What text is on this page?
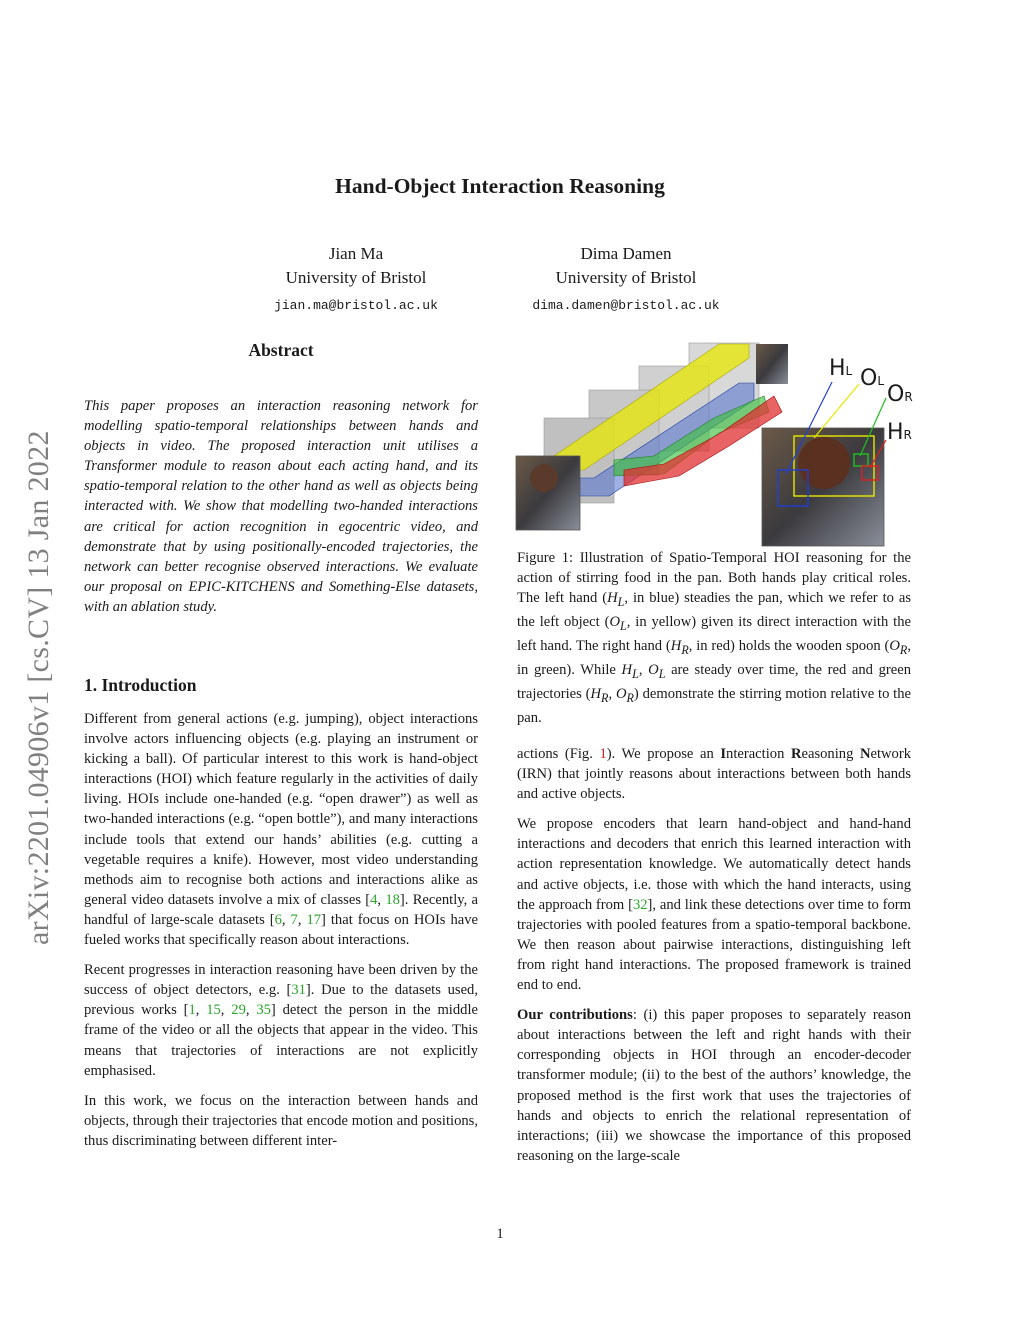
arXiv:2201.04906v1 [cs.CV] 13 Jan 2022
Hand-Object Interaction Reasoning
Jian Ma
University of Bristol
jian.ma@bristol.ac.uk
Dima Damen
University of Bristol
dima.damen@bristol.ac.uk
Abstract
This paper proposes an interaction reasoning network for modelling spatio-temporal relationships between hands and objects in video. The proposed interaction unit utilises a Transformer module to reason about each acting hand, and its spatio-temporal relation to the other hand as well as objects being interacted with. We show that modelling two-handed interactions are critical for action recognition in egocentric video, and demonstrate that by using positionally-encoded trajectories, the network can better recognise observed interactions. We evaluate our proposal on EPIC-KITCHENS and Something-Else datasets, with an ablation study.
1. Introduction

Different from general actions (e.g. jumping), object interactions involve actors influencing objects (e.g. playing an instrument or kicking a ball). Of particular interest to this work is hand-object interactions (HOI) which feature regularly in the activities of daily living. HOIs include one-handed (e.g. “open drawer”) as well as two-handed interactions (e.g. “open bottle”), and many interactions include tools that extend our hands’ abilities (e.g. cutting a vegetable requires a knife). However, most video understanding methods aim to recognise both actions and interactions alike as general video datasets involve a mix of classes [4, 18]. Recently, a handful of large-scale datasets [6, 7, 17] that focus on HOIs have fueled works that specifically reason about interactions.

Recent progresses in interaction reasoning have been driven by the success of object detectors, e.g. [31]. Due to the datasets used, previous works [1, 15, 29, 35] detect the person in the middle frame of the video or all the objects that appear in the video. This means that trajectories of interactions are not explicitly emphasised.

In this work, we focus on the interaction between hands and objects, through their trajectories that encode motion and positions, thus discriminating between different inter-

HL OL
OR
HR
Figure 1: Illustration of Spatio-Temporal HOI reasoning for the action of stirring food in the pan. Both hands play critical roles. The left hand ($H_L$, in blue) steadies the pan, which we refer to as the left object ($O_L$, in yellow) given its direct interaction with the left hand. The right hand ($H_R$, in red) holds the wooden spoon ($O_R$, in green). While $H_L$, $O_L$ are steady over time, the red and green trajectories ($H_R$, $O_R$) demonstrate the stirring motion relative to the pan.

actions (Fig. 1). We propose an Interaction Reasoning Network (IRN) that jointly reasons about interactions between both hands and active objects.

We propose encoders that learn hand-object and hand-hand interactions and decoders that enrich this learned interaction with action representation knowledge. We automatically detect hands and active objects, i.e. those with which the hand interacts, using the approach from [32], and link these detections over time to form trajectories with pooled features from a spatio-temporal backbone. We then reason about pairwise interactions, distinguishing left from right hand interactions. The proposed framework is trained end to end.

Our contributions: (i) this paper proposes to separately reason about interactions between the left and right hands with their corresponding objects in HOI through an encoder-decoder transformer module; (ii) to the best of the authors’ knowledge, the proposed method is the first work that uses the trajectories of hands and objects to enrich the relational representation of interactions; (iii) we showcase the importance of this proposed reasoning on the large-scale

1
